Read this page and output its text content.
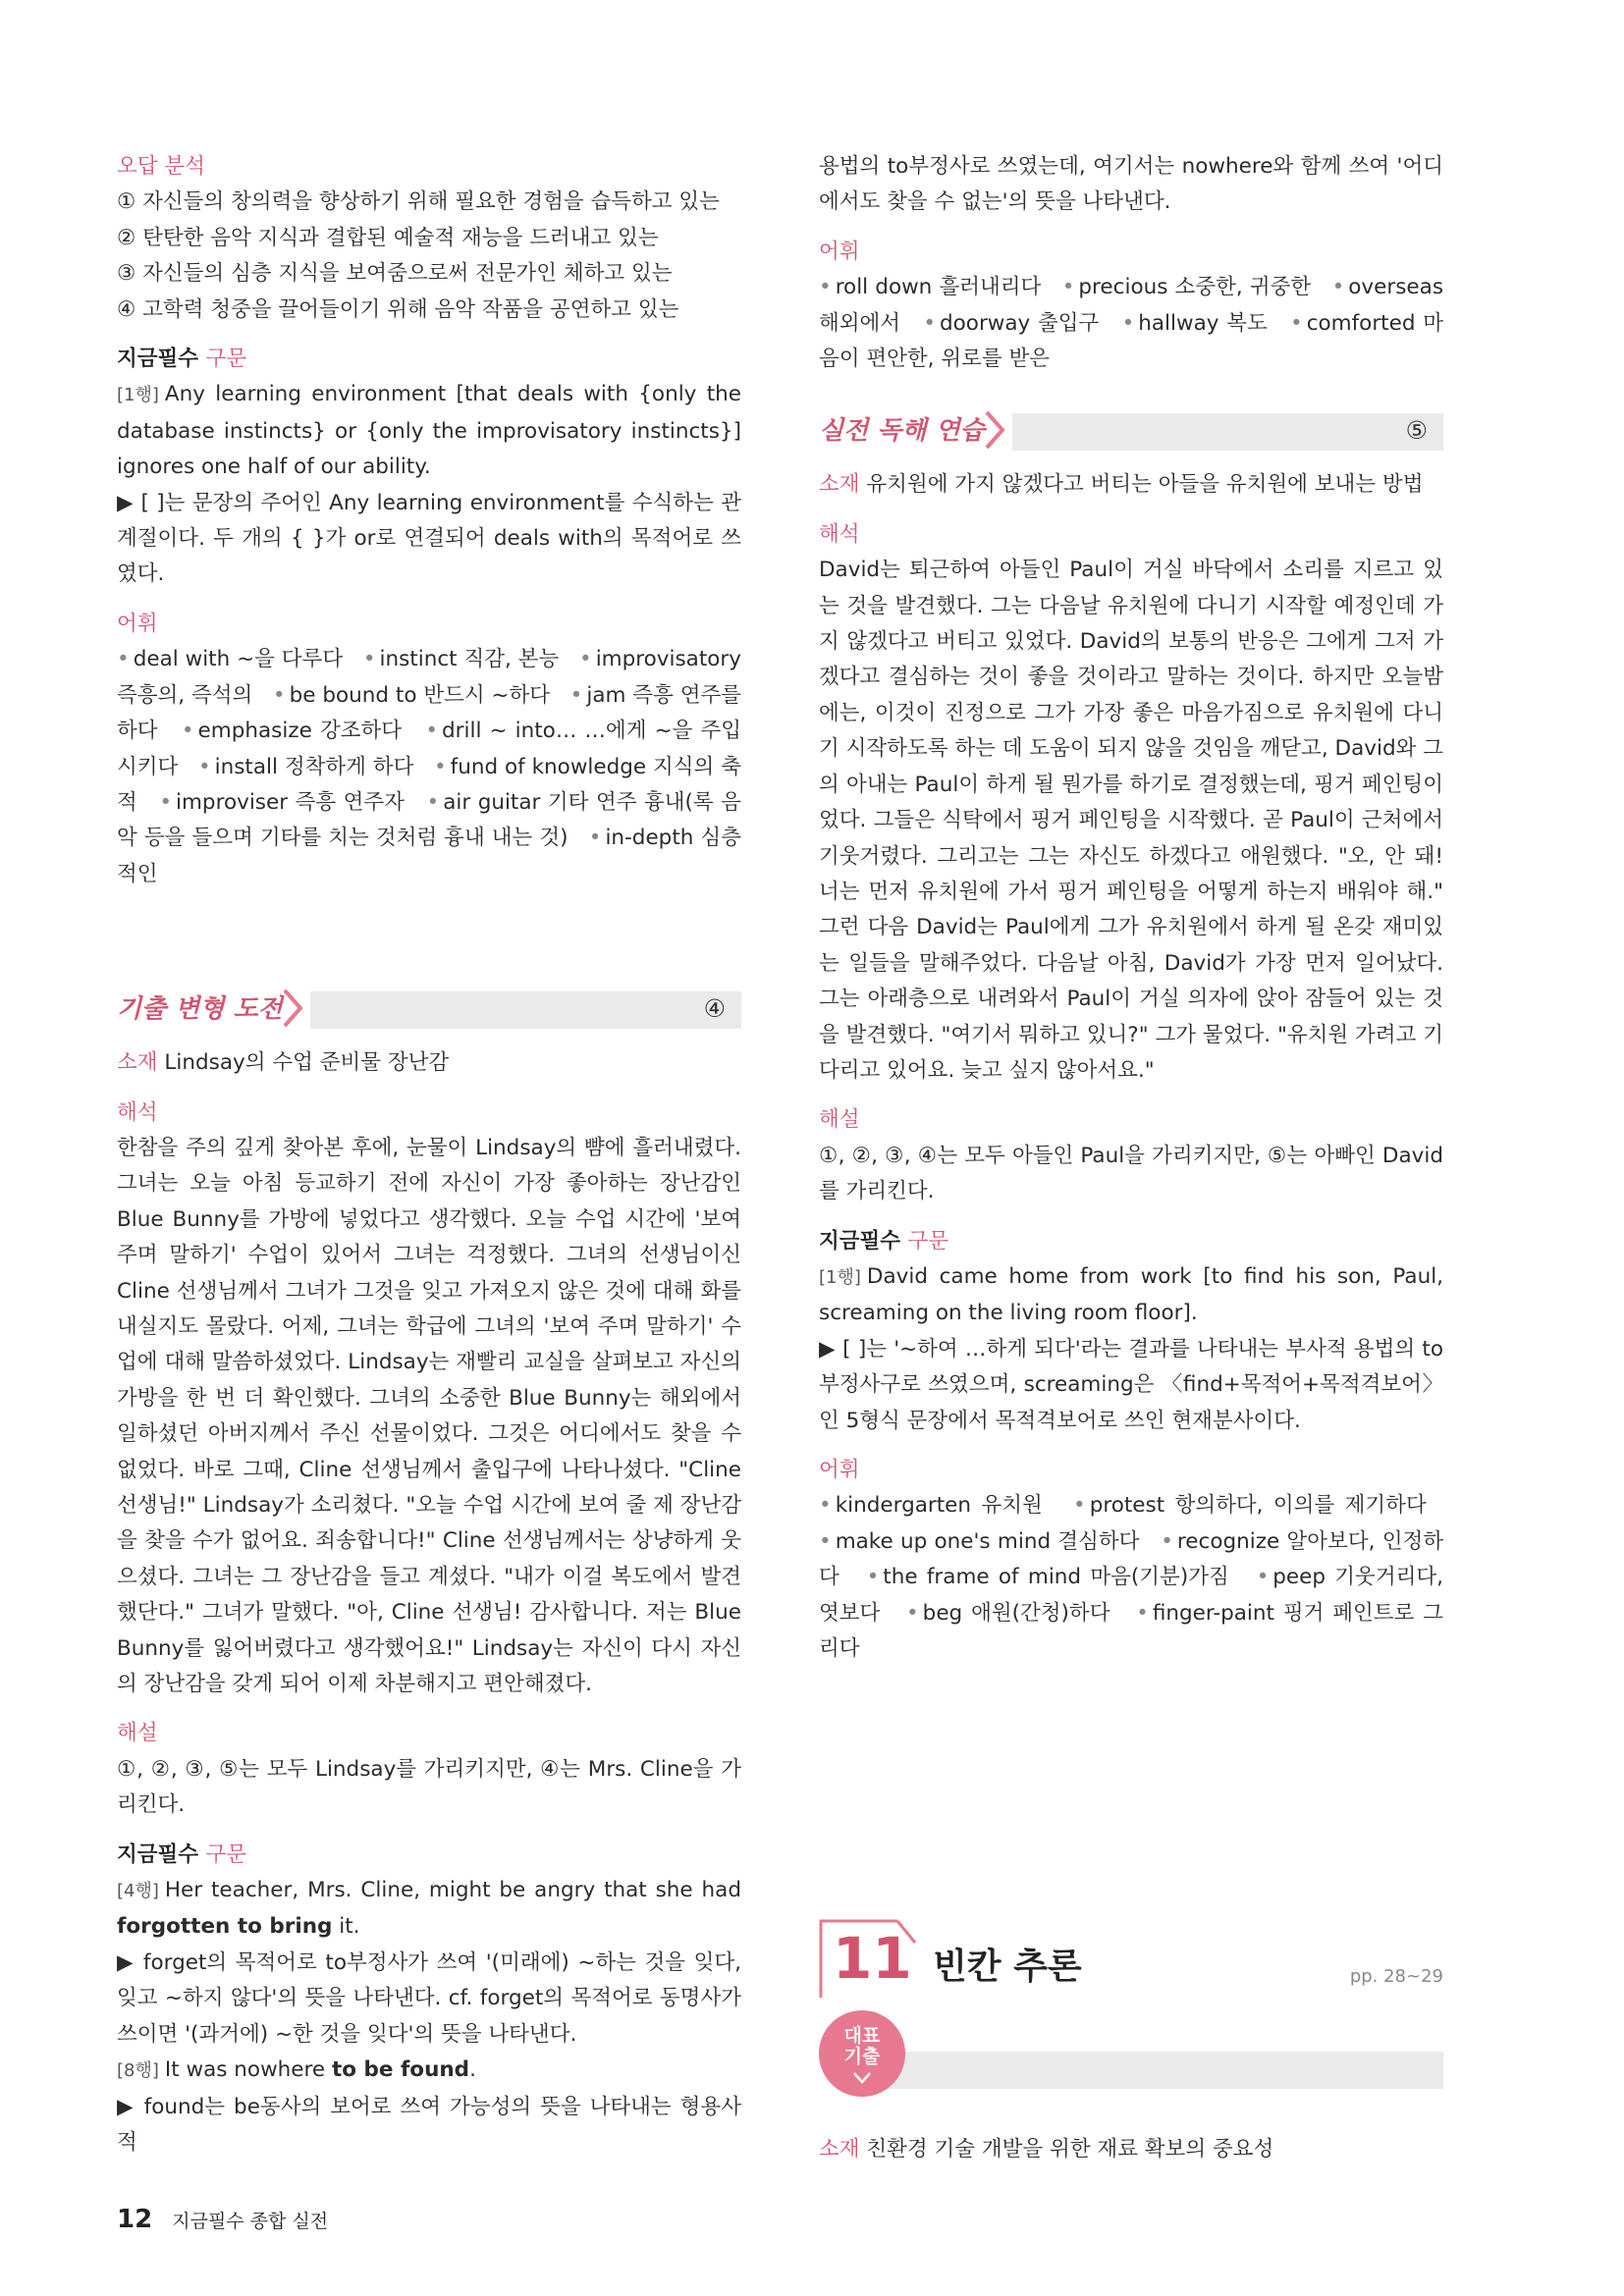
오답 분석

① 자신들의 창의력을 향상하기 위해 필요한 경험을 습득하고 있는

② 탄탄한 음악 지식과 결합된 예술적 재능을 드러내고 있는

③ 자신들의 심층 지식을 보여줌으로써 전문가인 체하고 있는

④ 고학력 청중을 끌어들이기 위해 음악 작품을 공연하고 있는

지금필수 구문

[1행] Any learning environment [that deals with {only the database instincts} or {only the improvisatory instincts}] ignores one half of our ability.

▶ [ ]는 문장의 주어인 Any learning environment를 수식하는 관계절이다. 두 개의 { }가 or로 연결되어 deals with의 목적어로 쓰였다.

어휘

• deal with ~을 다루다 • instinct 직감, 본능 • improvisatory 즉흥의, 즉석의 • be bound to 반드시 ~하다 • jam 즉흥 연주를 하다 • emphasize 강조하다 • drill ~ into… …에게 ~을 주입시키다 • install 정착하게 하다 • fund of knowledge 지식의 축적 • improviser 즉흥 연주자 • air guitar 기타 연주 흉내(록 음악 등을 들으며 기타를 치는 것처럼 흉내 내는 것) • in-depth 심층적인

기출 변형 도전	④

소재 Lindsay의 수업 준비물 장난감

해석

한참을 주의 깊게 찾아본 후에, 눈물이 Lindsay의 뺨에 흘러내렸다. 그녀는 오늘 아침 등교하기 전에 자신이 가장 좋아하는 장난감인 Blue Bunny를 가방에 넣었다고 생각했다. 오늘 수업 시간에 '보여 주며 말하기' 수업이 있어서 그녀는 걱정했다. 그녀의 선생님이신 Cline 선생님께서 그녀가 그것을 잊고 가져오지 않은 것에 대해 화를 내실지도 몰랐다. 어제, 그녀는 학급에 그녀의 '보여 주며 말하기' 수업에 대해 말씀하셨었다. Lindsay는 재빨리 교실을 살펴보고 자신의 가방을 한 번 더 확인했다. 그녀의 소중한 Blue Bunny는 해외에서 일하셨던 아버지께서 주신 선물이었다. 그것은 어디에서도 찾을 수 없었다. 바로 그때, Cline 선생님께서 출입구에 나타나셨다. "Cline 선생님!" Lindsay가 소리쳤다. "오늘 수업 시간에 보여 줄 제 장난감을 찾을 수가 없어요. 죄송합니다!" Cline 선생님께서는 상냥하게 웃으셨다. 그녀는 그 장난감을 들고 계셨다. "내가 이걸 복도에서 발견했단다." 그녀가 말했다. "아, Cline 선생님! 감사합니다. 저는 Blue Bunny를 잃어버렸다고 생각했어요!" Lindsay는 자신이 다시 자신의 장난감을 갖게 되어 이제 차분해지고 편안해졌다.

해설

①, ②, ③, ⑤는 모두 Lindsay를 가리키지만, ④는 Mrs. Cline을 가리킨다.

지금필수 구문

[4행] Her teacher, Mrs. Cline, might be angry that she had forgotten to bring it.

▶ forget의 목적어로 to부정사가 쓰여 '(미래에) ~하는 것을 잊다, 잊고 ~하지 않다'의 뜻을 나타낸다. cf. forget의 목적어로 동명사가 쓰이면 '(과거에) ~한 것을 잊다'의 뜻을 나타낸다.

[8행] It was nowhere to be found.

▶ found는 be동사의 보어로 쓰여 가능성의 뜻을 나타내는 형용사적

용법의 to부정사로 쓰였는데, 여기서는 nowhere와 함께 쓰여 '어디에서도 찾을 수 없는'의 뜻을 나타낸다.

어휘

• roll down 흘러내리다 • precious 소중한, 귀중한 • overseas 해외에서 • doorway 출입구 • hallway 복도 • comforted 마음이 편안한, 위로를 받은

실전 독해 연습	⑤

소재 유치원에 가지 않겠다고 버티는 아들을 유치원에 보내는 방법

해석

David는 퇴근하여 아들인 Paul이 거실 바닥에서 소리를 지르고 있는 것을 발견했다. 그는 다음날 유치원에 다니기 시작할 예정인데 가지 않겠다고 버티고 있었다. David의 보통의 반응은 그에게 그저 가겠다고 결심하는 것이 좋을 것이라고 말하는 것이다. 하지만 오늘밤에는, 이것이 진정으로 그가 가장 좋은 마음가짐으로 유치원에 다니기 시작하도록 하는 데 도움이 되지 않을 것임을 깨닫고, David와 그의 아내는 Paul이 하게 될 뭔가를 하기로 결정했는데, 핑거 페인팅이었다. 그들은 식탁에서 핑거 페인팅을 시작했다. 곧 Paul이 근처에서 기웃거렸다. 그리고는 그는 자신도 하겠다고 애원했다. "오, 안 돼! 너는 먼저 유치원에 가서 핑거 페인팅을 어떻게 하는지 배워야 해." 그런 다음 David는 Paul에게 그가 유치원에서 하게 될 온갖 재미있는 일들을 말해주었다. 다음날 아침, David가 가장 먼저 일어났다. 그는 아래층으로 내려와서 Paul이 거실 의자에 앉아 잠들어 있는 것을 발견했다. "여기서 뭐하고 있니?" 그가 물었다. "유치원 가려고 기다리고 있어요. 늦고 싶지 않아서요."

해설

①, ②, ③, ④는 모두 아들인 Paul을 가리키지만, ⑤는 아빠인 David를 가리킨다.

지금필수 구문

[1행] David came home from work [to find his son, Paul, screaming on the living room floor].

▶ [ ]는 '~하여 …하게 되다'라는 결과를 나타내는 부사적 용법의 to부정사구로 쓰였으며, screaming은 〈find+목적어+목적격보어〉인 5형식 문장에서 목적격보어로 쓰인 현재분사이다.

어휘

• kindergarten 유치원 • protest 항의하다, 이의를 제기하다   • make up one's mind 결심하다 • recognize 알아보다, 인정하다 • the frame of mind 마음(기분)가짐 • peep 기웃거리다, 엿보다 • beg 애원(간청)하다 • finger-paint 핑거 페인트로 그리다

11 빈칸 추론	pp. 28~29
대표
기출
소재 친환경 기술 개발을 위한 재료 확보의 중요성
12 지금필수 종합 실전
